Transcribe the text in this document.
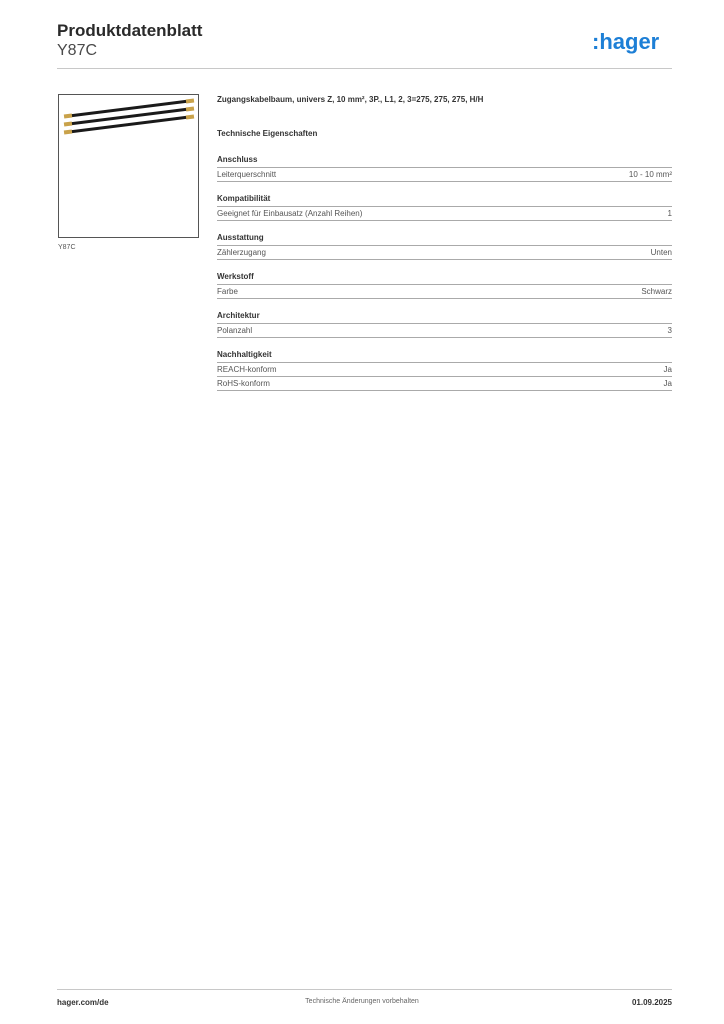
Produktdatenblatt
Y87C	:hager
Y87C
Zugangskabelbaum, univers Z, 10 mm², 3P., L1, 2, 3=275, 275, 275, H/H
Technische Eigenschaften
Anschluss
Leiterquerschnitt	10 - 10 mm²
Kompatibilität
Geeignet für Einbausatz (Anzahl Reihen)	1
Ausstattung
Zählerzugang	Unten
Werkstoff
Farbe	Schwarz
Architektur
Polanzahl	3
Nachhaltigkeit
REACH-konform	Ja
RoHS-konform	Ja
hager.com/de	Technische Änderungen vorbehalten	01.09.2025
